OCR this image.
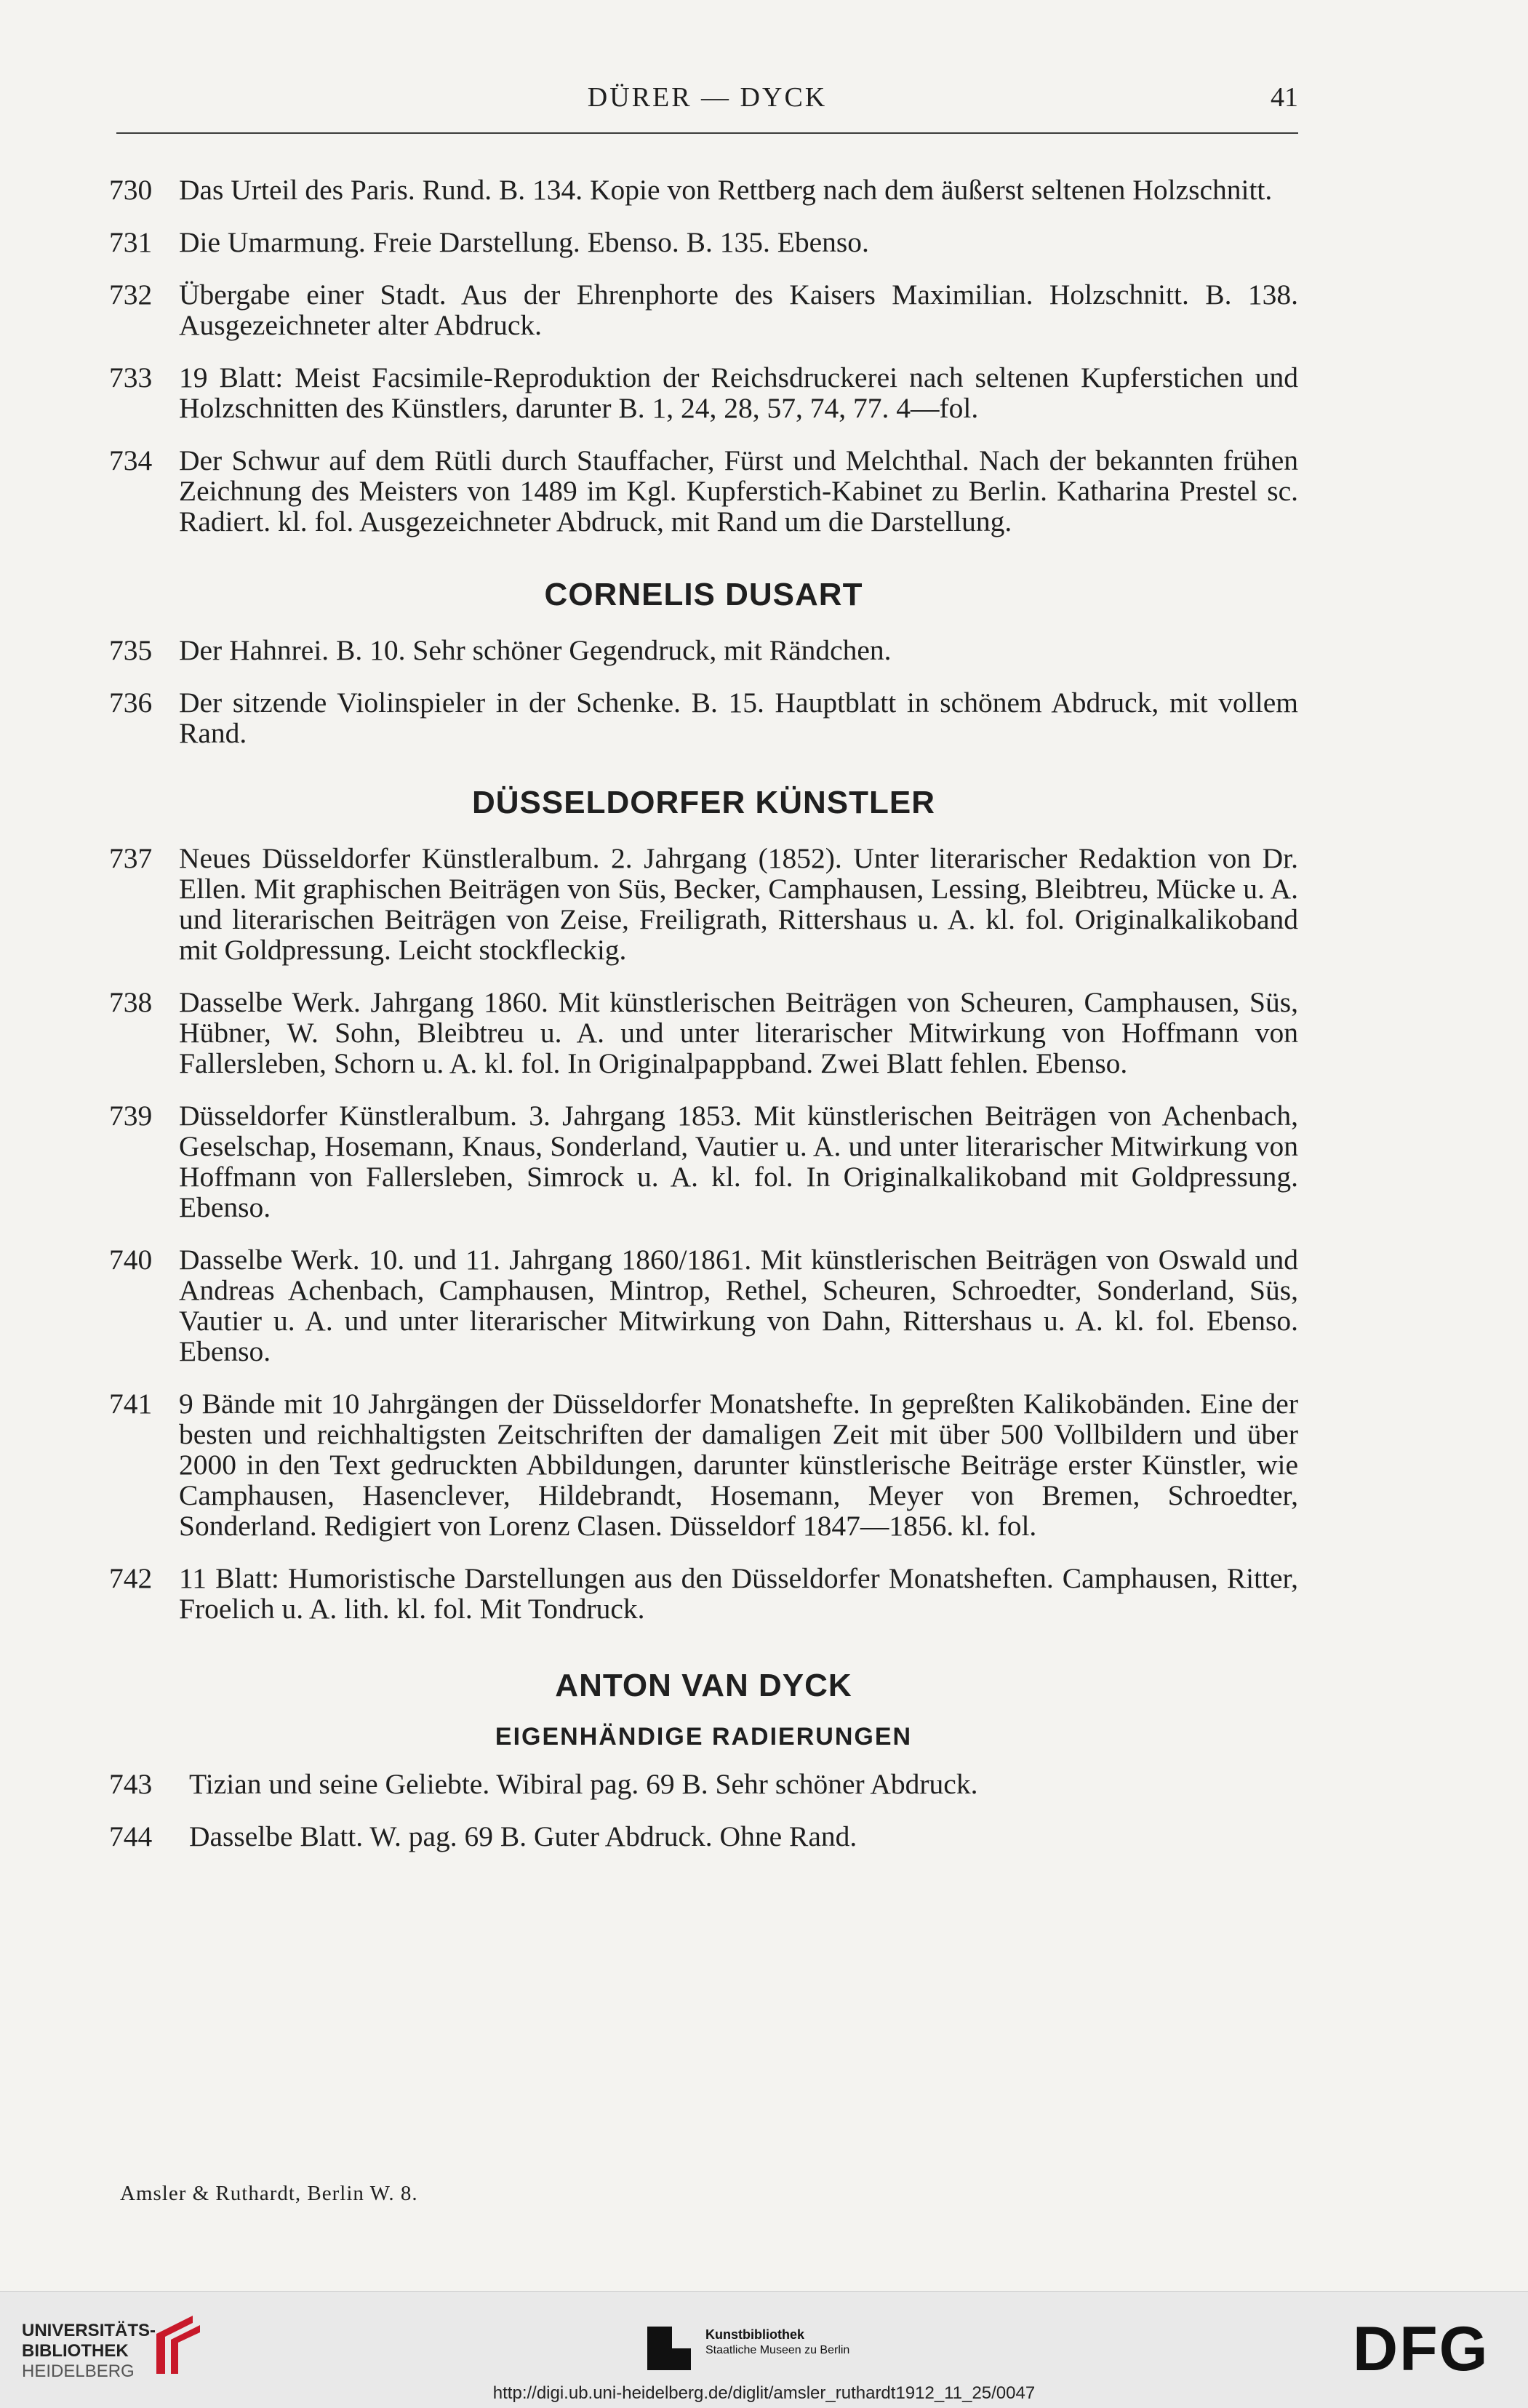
DÜRER — DYCK	41
730 Das Urteil des Paris. Rund. B. 134. Kopie von Rettberg nach dem äußerst seltenen Holzschnitt.
731 Die Umarmung. Freie Darstellung. Ebenso. B. 135. Ebenso.
732 Übergabe einer Stadt. Aus der Ehrenphorte des Kaisers Maximilian. Holzschnitt. B. 138. Ausgezeichneter alter Abdruck.
733 19 Blatt: Meist Facsimile-Reproduktion der Reichsdruckerei nach seltenen Kupferstichen und Holzschnitten des Künstlers, darunter B. 1, 24, 28, 57, 74, 77. 4—fol.
734 Der Schwur auf dem Rütli durch Stauffacher, Fürst und Melchthal. Nach der bekannten frühen Zeichnung des Meisters von 1489 im Kgl. Kupferstich-Kabinet zu Berlin. Katharina Prestel sc. Radiert. kl. fol. Ausgezeichneter Abdruck, mit Rand um die Darstellung.
CORNELIS DUSART
735 Der Hahnrei. B. 10. Sehr schöner Gegendruck, mit Rändchen.
736 Der sitzende Violinspieler in der Schenke. B. 15. Hauptblatt in schönem Abdruck, mit vollem Rand.
DÜSSELDORFER KÜNSTLER
737 Neues Düsseldorfer Künstleralbum. 2. Jahrgang (1852). Unter literarischer Redaktion von Dr. Ellen. Mit graphischen Beiträgen von Süs, Becker, Camphausen, Lessing, Bleibtreu, Mücke u. A. und literarischen Beiträgen von Zeise, Freiligrath, Rittershaus u. A. kl. fol. Originalkalikoband mit Goldpressung. Leicht stockfleckig.
738 Dasselbe Werk. Jahrgang 1860. Mit künstlerischen Beiträgen von Scheuren, Camphausen, Süs, Hübner, W. Sohn, Bleibtreu u. A. und unter literarischer Mitwirkung von Hoffmann von Fallersleben, Schorn u. A. kl. fol. In Originalpappband. Zwei Blatt fehlen. Ebenso.
739 Düsseldorfer Künstleralbum. 3. Jahrgang 1853. Mit künstlerischen Beiträgen von Achenbach, Geselschap, Hosemann, Knaus, Sonderland, Vautier u. A. und unter literarischer Mitwirkung von Hoffmann von Fallersleben, Simrock u. A. kl. fol. In Originalkalikoband mit Goldpressung. Ebenso.
740 Dasselbe Werk. 10. und 11. Jahrgang 1860/1861. Mit künstlerischen Beiträgen von Oswald und Andreas Achenbach, Camphausen, Mintrop, Rethel, Scheuren, Schroedter, Sonderland, Süs, Vautier u. A. und unter literarischer Mitwirkung von Dahn, Rittershaus u. A. kl. fol. Ebenso. Ebenso.
741 9 Bände mit 10 Jahrgängen der Düsseldorfer Monatshefte. In gepreßten Kalikobänden. Eine der besten und reichhaltigsten Zeitschriften der damaligen Zeit mit über 500 Vollbildern und über 2000 in den Text gedruckten Abbildungen, darunter künstlerische Beiträge erster Künstler, wie Camphausen, Hasenclever, Hildebrandt, Hosemann, Meyer von Bremen, Schroedter, Sonderland. Redigiert von Lorenz Clasen. Düsseldorf 1847—1856. kl. fol.
742 11 Blatt: Humoristische Darstellungen aus den Düsseldorfer Monatsheften. Camphausen, Ritter, Froelich u. A. lith. kl. fol. Mit Tondruck.
ANTON VAN DYCK
EIGENHÄNDIGE RADIERUNGEN
743	Tizian und seine Geliebte. Wibiral pag. 69 B. Sehr schöner Abdruck.
744	Dasselbe Blatt. W. pag. 69 B. Guter Abdruck. Ohne Rand.
Amsler & Ruthardt, Berlin W. 8.
UNIVERSITÄTS-
BIBLIOTHEK
HEIDELBERG
Kunstbibliothek
Staatliche Museen zu Berlin	DFG
http://digi.ub.uni-heidelberg.de/diglit/amsler_ruthardt1912_11_25/0047
